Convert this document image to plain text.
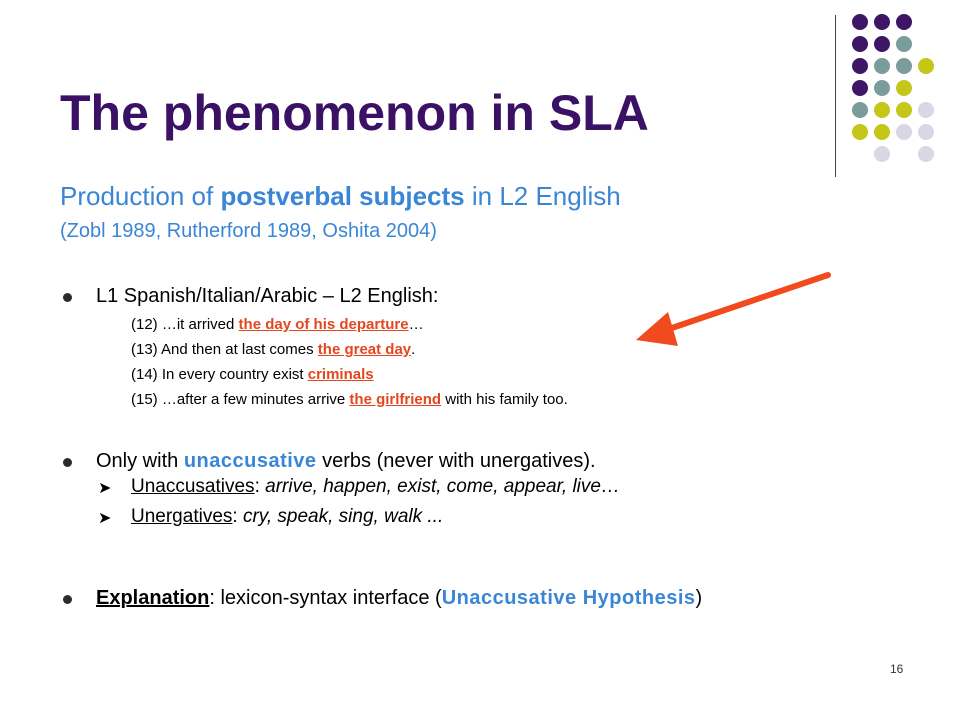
The phenomenon in SLA
Production of postverbal subjects in L2 English
(Zobl 1989, Rutherford 1989, Oshita 2004)
L1 Spanish/Italian/Arabic – L2 English:
(12) …it arrived the day of his departure…
(13) And then at last comes the great day.
(14) In every country exist criminals
(15) …after a few minutes arrive the girlfriend with his family too.
Only with unaccusative verbs (never with unergatives).
➤ Unaccusatives: arrive, happen, exist, come, appear, live…
➤ Unergatives: cry, speak, sing, walk ...
Explanation: lexicon-syntax interface (Unaccusative Hypothesis)
16
